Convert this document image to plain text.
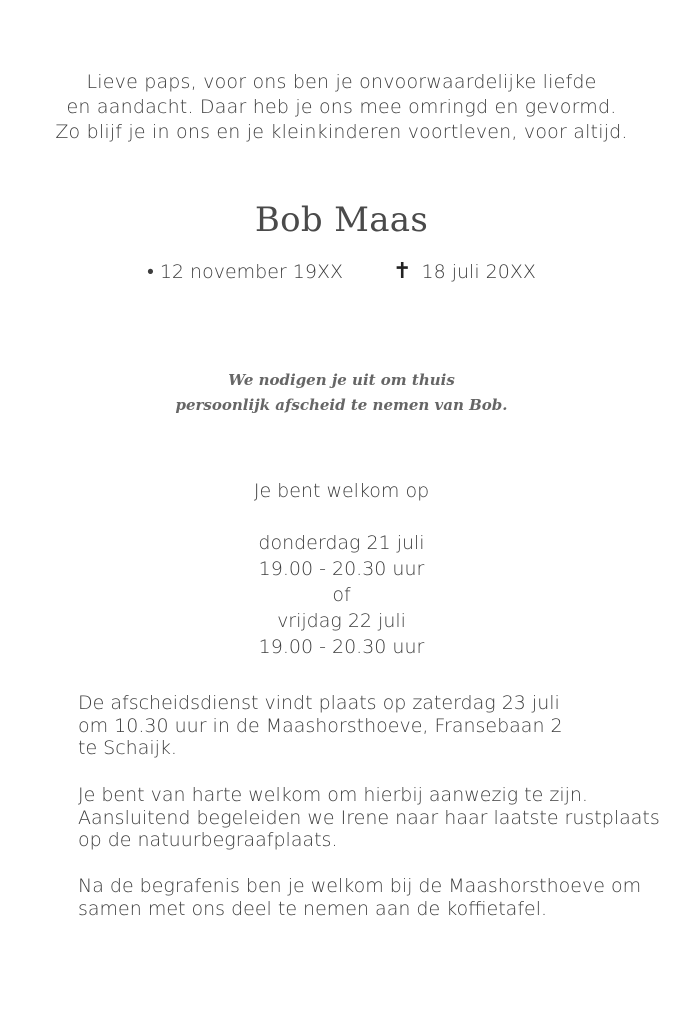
Lieve paps, voor ons ben je onvoorwaardelijke liefde
en aandacht. Daar heb je ons mee omringd en gevormd.
Zo blijf je in ons en je kleinkinderen voortleven, voor altijd.
Bob Maas
• 12 november 19XX ✝ 18 juli 20XX
We nodigen je uit om thuis
persoonlijk afscheid te nemen van Bob.
Je bent welkom op
donderdag 21 juli
19.00 - 20.30 uur
of
vrijdag 22 juli
19.00 - 20.30 uur
De afscheidsdienst vindt plaats op zaterdag 23 juli
om 10.30 uur in de Maashorsthoeve, Fransebaan 2
te Schaijk.
Je bent van harte welkom om hierbij aanwezig te zijn.
Aansluitend begeleiden we Irene naar haar laatste rustplaats
op de natuurbegraafplaats.
Na de begrafenis ben je welkom bij de Maashorsthoeve om
samen met ons deel te nemen aan de koffietafel.
